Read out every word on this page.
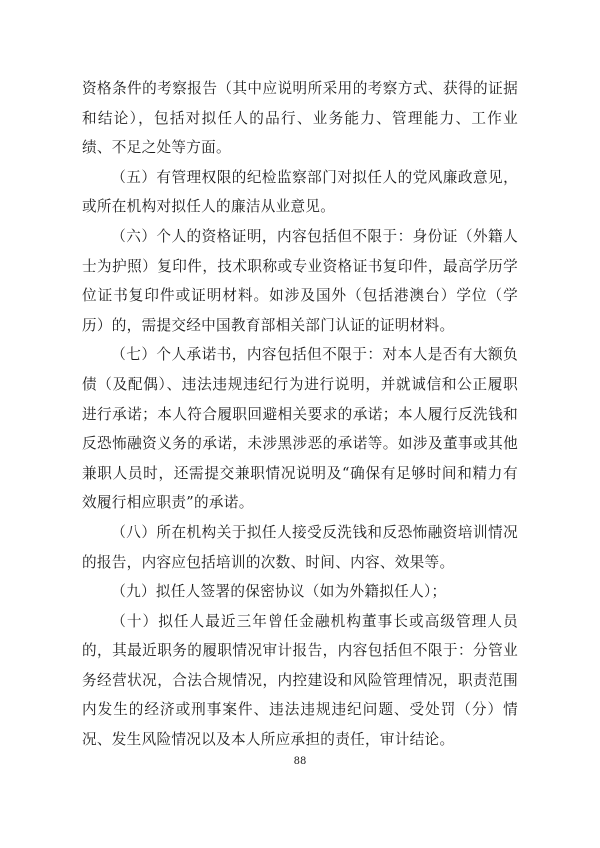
资格条件的考察报告（其中应说明所采用的考察方式、获得的证据和结论），包括对拟任人的品行、业务能力、管理能力、工作业绩、不足之处等方面。

（五）有管理权限的纪检监察部门对拟任人的党风廉政意见，或所在机构对拟任人的廉洁从业意见。

（六）个人的资格证明，内容包括但不限于：身份证（外籍人士为护照）复印件，技术职称或专业资格证书复印件，最高学历学位证书复印件或证明材料。如涉及国外（包括港澳台）学位（学历）的，需提交经中国教育部相关部门认证的证明材料。

（七）个人承诺书，内容包括但不限于：对本人是否有大额负债（及配偶）、违法违规违纪行为进行说明，并就诚信和公正履职进行承诺；本人符合履职回避相关要求的承诺；本人履行反洗钱和反恐怖融资义务的承诺，未涉黑涉恶的承诺等。如涉及董事或其他兼职人员时，还需提交兼职情况说明及“确保有足够时间和精力有效履行相应职责”的承诺。

（八）所在机构关于拟任人接受反洗钱和反恐怖融资培训情况的报告，内容应包括培训的次数、时间、内容、效果等。

（九）拟任人签署的保密协议（如为外籍拟任人）；

（十）拟任人最近三年曾任金融机构董事长或高级管理人员的，其最近职务的履职情况审计报告，内容包括但不限于：分管业务经营状况，合法合规情况，内控建设和风险管理情况，职责范围内发生的经济或刑事案件、违法违规违纪问题、受处罚（分）情况、发生风险情况以及本人所应承担的责任，审计结论。

88
